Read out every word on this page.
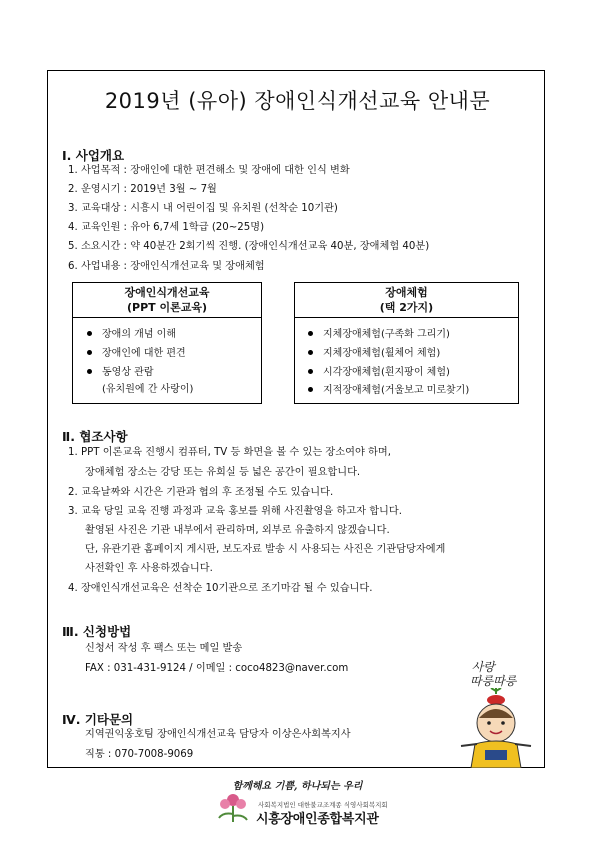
2019년 (유아) 장애인식개선교육 안내문
Ⅰ. 사업개요
1. 사업목적 : 장애인에 대한 편견해소 및 장애에 대한 인식 변화
2. 운영시기 : 2019년 3월 ~ 7월
3. 교육대상 : 시흥시 내 어린이집 및 유치원 (선착순 10기관)
4. 교육인원 : 유아 6,7세 1학급 (20~25명)
5. 소요시간 : 약 40분간 2회기씩 진행. (장애인식개선교육 40분, 장애체험 40분)
6. 사업내용 : 장애인식개선교육 및 장애체험
장애인식개선교육
(PPT 이론교육)
장애의 개념 이해
장애인에 대한 편견
동영상 관람
(유치원에 간 사랑이)
장애체험
(택 2가지)
지체장애체험(구족화 그리기)
지체장애체험(휠체어 체험)
시각장애체험(흰지팡이 체험)
지적장애체험(거울보고 미로찾기)
Ⅱ. 협조사항
1. PPT 이론교육 진행시 컴퓨터, TV 등 화면을 볼 수 있는 장소여야 하며,
장애체험 장소는 강당 또는 유희실 등 넓은 공간이 필요합니다.
2. 교육날짜와 시간은 기관과 협의 후 조정될 수도 있습니다.
3. 교육 당일 교육 진행 과정과 교육 홍보를 위해 사진촬영을 하고자 합니다.
촬영된 사진은 기관 내부에서 관리하며, 외부로 유출하지 않겠습니다.
단, 유관기관 홈페이지 게시판, 보도자료 발송 시 사용되는 사진은 기관담당자에게
사전확인 후 사용하겠습니다.
4. 장애인식개선교육은 선착순 10기관으로 조기마감 될 수 있습니다.
Ⅲ. 신청방법
신청서 작성 후 팩스 또는 메일 발송
FAX : 031-431-9124 / 이메일 : coco4823@naver.com
Ⅳ. 기타문의
지역권익옹호팀 장애인식개선교육 담당자 이상은사회복지사
직통 : 070-7008-9069
사랑
따릉따릉
함께해요 기쁨, 하나되는 우리
사회복지법인 대한불교조계종 식영사회복지회
시흥장애인종합복지관
